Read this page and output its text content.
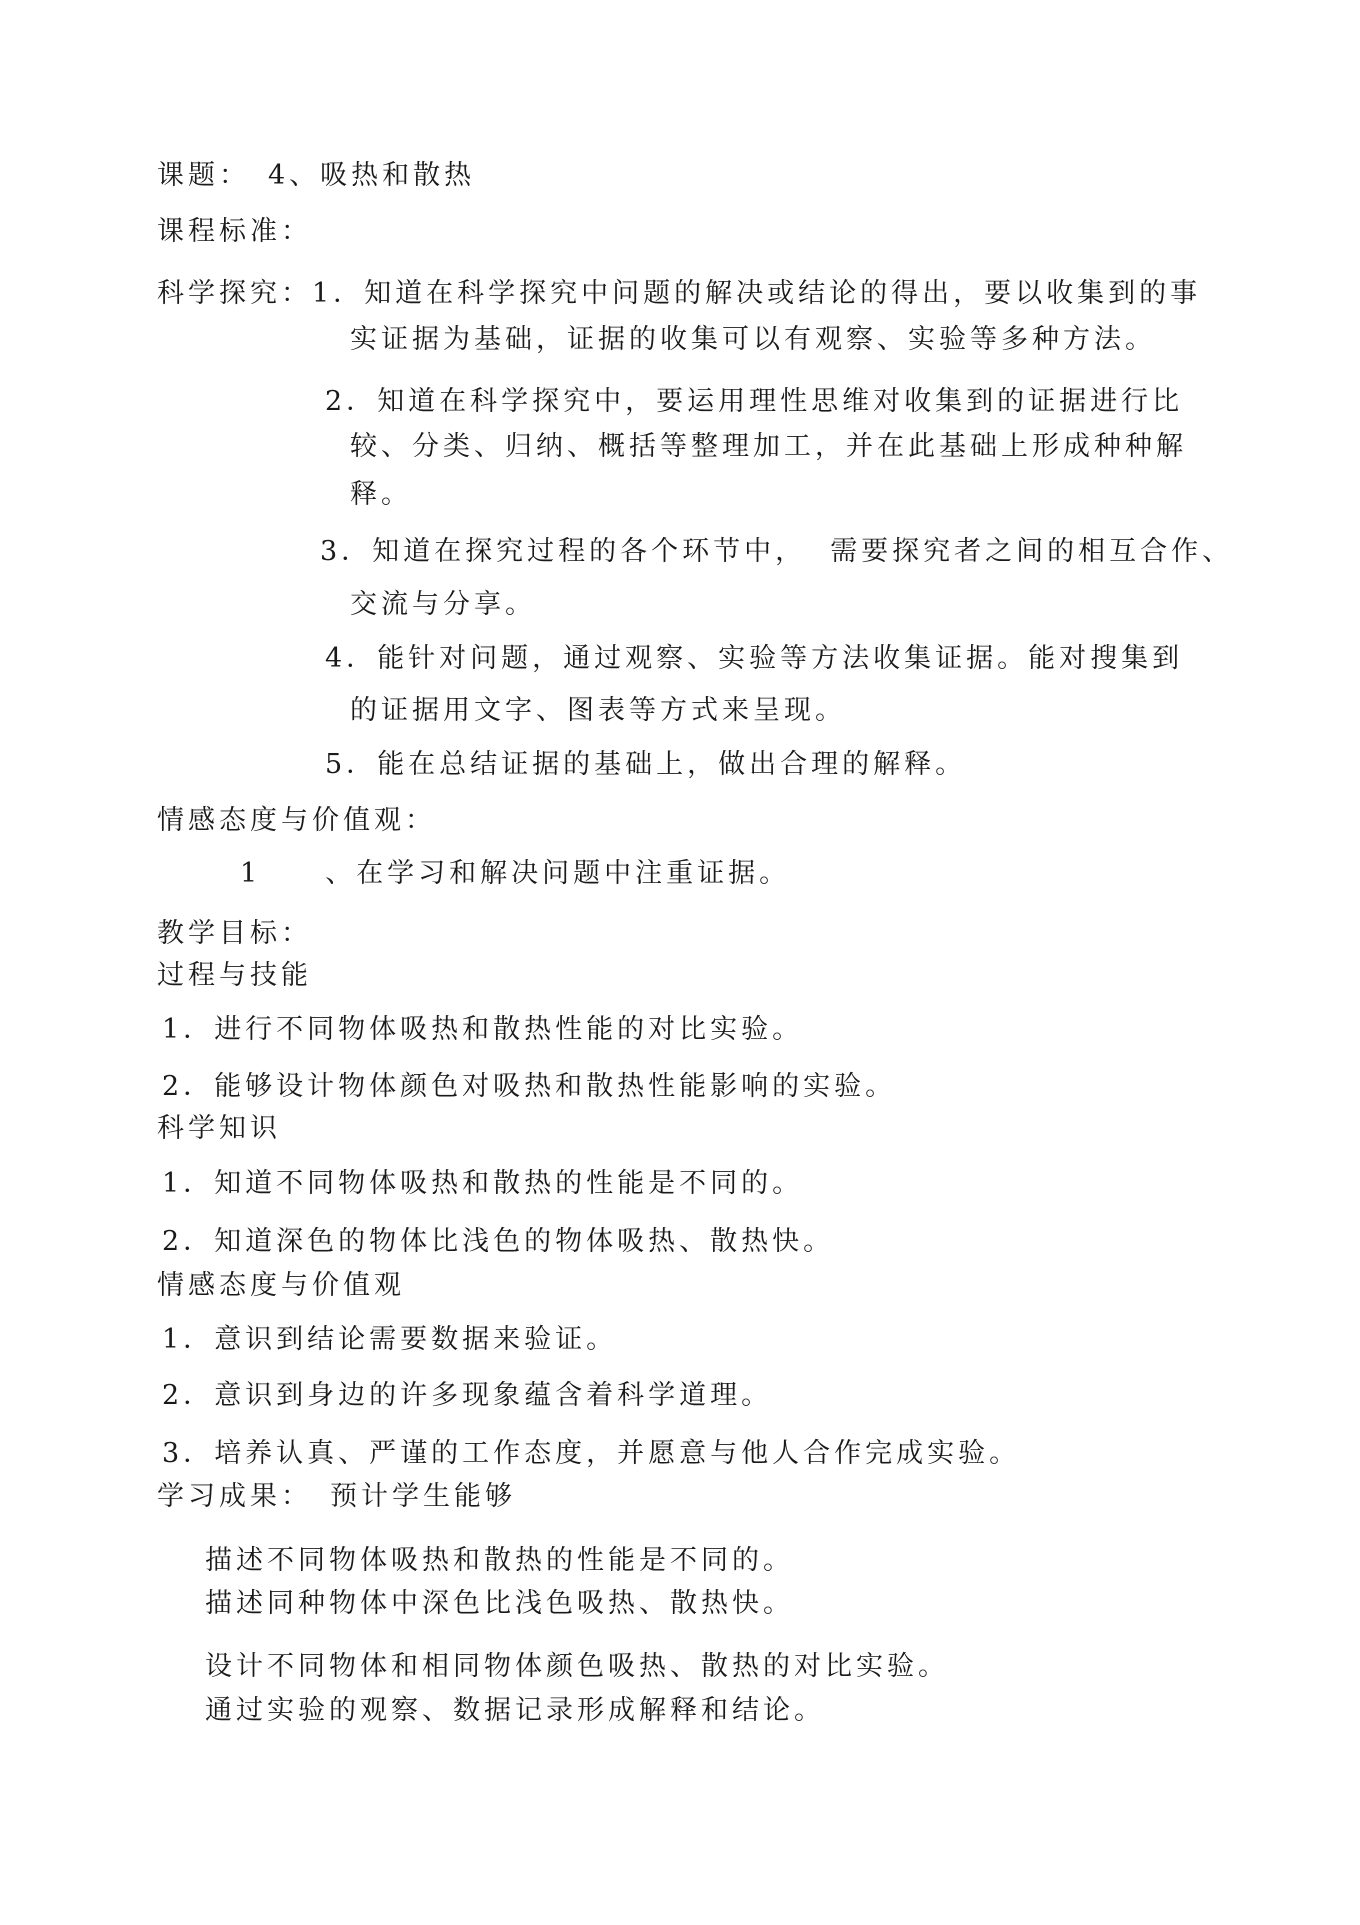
课题： 4、吸热和散热
课程标准：
科学探究：1．知道在科学探究中问题的解决或结论的得出，要以收集到的事
实证据为基础，证据的收集可以有观察、实验等多种方法。
2．知道在科学探究中，要运用理性思维对收集到的证据进行比
较、分类、归纳、概括等整理加工，并在此基础上形成种种解
释。
3．知道在探究过程的各个环节中， 需要探究者之间的相互合作、
交流与分享。
4．能针对问题，通过观察、实验等方法收集证据。能对搜集到
的证据用文字、图表等方式来呈现。
5．能在总结证据的基础上，做出合理的解释。
情感态度与价值观：
1 、在学习和解决问题中注重证据。
教学目标：
过程与技能
1．进行不同物体吸热和散热性能的对比实验。
2．能够设计物体颜色对吸热和散热性能影响的实验。
科学知识
1．知道不同物体吸热和散热的性能是不同的。
2．知道深色的物体比浅色的物体吸热、散热快。
情感态度与价值观
1．意识到结论需要数据来验证。
2．意识到身边的许多现象蕴含着科学道理。
3．培养认真、严谨的工作态度，并愿意与他人合作完成实验。
学习成果： 预计学生能够
描述不同物体吸热和散热的性能是不同的。
描述同种物体中深色比浅色吸热、散热快。
设计不同物体和相同物体颜色吸热、散热的对比实验。
通过实验的观察、数据记录形成解释和结论。
